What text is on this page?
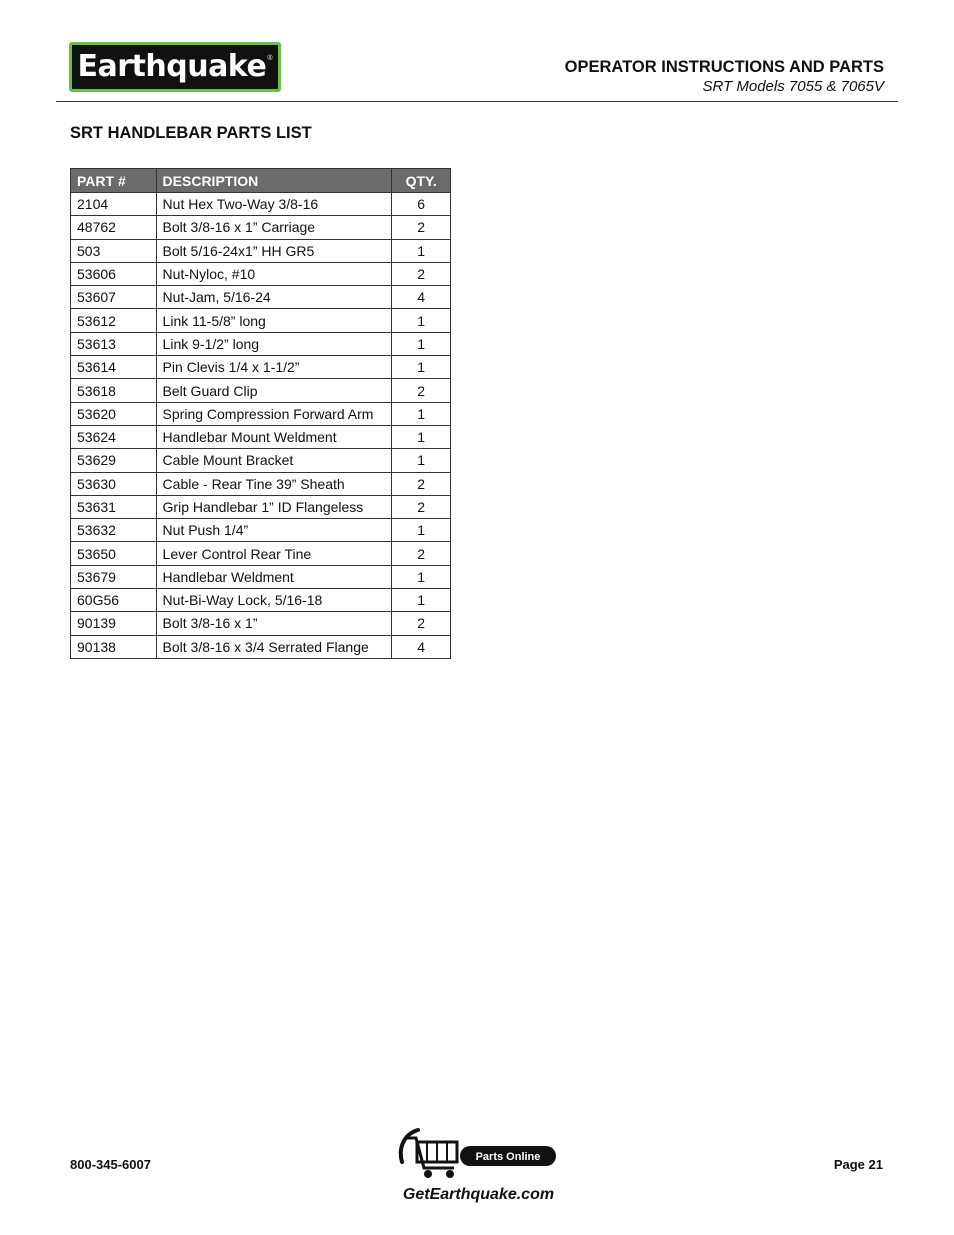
Earthquake ®	OPERATOR INSTRUCTIONS AND PARTS
SRT Models 7055 & 7065V
SRT HANDLEBAR PARTS LIST
PART #	DESCRIPTION	QTY.
2104	Nut Hex Two-Way 3/8-16	6
48762	Bolt 3/8-16 x 1” Carriage	2
503	Bolt 5/16-24x1” HH GR5	1
53606	Nut-Nyloc, #10	2
53607	Nut-Jam, 5/16-24	4
53612	Link 11-5/8” long	1
53613	Link 9-1/2” long	1
53614	Pin Clevis 1/4 x 1-1/2”	1
53618	Belt Guard Clip	2
53620	Spring Compression Forward Arm	1
53624	Handlebar Mount Weldment	1
53629	Cable Mount Bracket	1
53630	Cable - Rear Tine 39” Sheath	2
53631	Grip Handlebar 1” ID Flangeless	2
53632	Nut Push 1/4”	1
53650	Lever Control Rear Tine	2
53679	Handlebar Weldment	1
60G56	Nut-Bi-Way Lock, 5/16-18	1
90139	Bolt 3/8-16 x 1”	2
90138	Bolt 3/8-16 x 3/4 Serrated Flange	4
800-345-6007	Parts Online
GetEarthquake.com
Page 21
